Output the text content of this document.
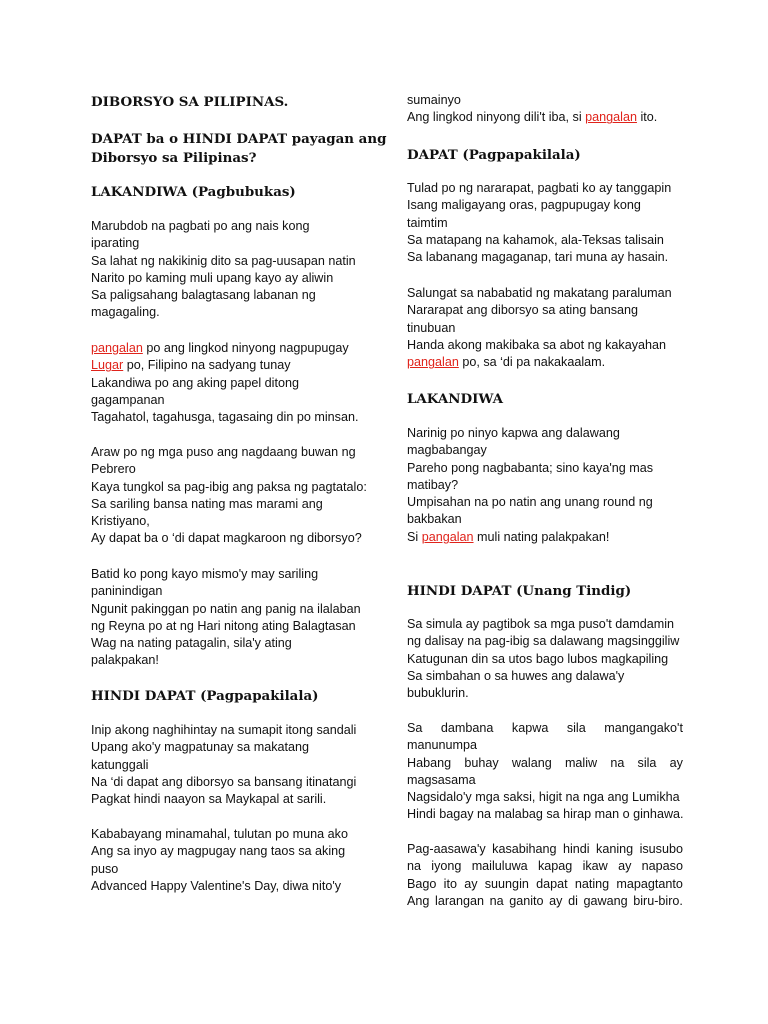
DIBORSYO SA PILIPINAS.
DAPAT ba o HINDI DAPAT payagan ang
Diborsyo sa Pilipinas?
LAKANDIWA (Pagbubukas)
Marubdob na pagbati po ang nais kong
iparating
Sa lahat ng nakikinig dito sa pag-uusapan natin
Narito po kaming muli upang kayo ay aliwin
Sa paligsahang balagtasang labanan ng
magagaling.
pangalan po ang lingkod ninyong nagpupugay
Lugar po, Filipino na sadyang tunay
Lakandiwa po ang aking papel ditong
gagampanan
Tagahatol, tagahusga, tagasaing din po minsan.
Araw po ng mga puso ang nagdaang buwan ng
Pebrero
Kaya tungkol sa pag-ibig ang paksa ng pagtatalo:
Sa sariling bansa nating mas marami ang
Kristiyano,
Ay dapat ba o ‘di dapat magkaroon ng diborsyo?
Batid ko pong kayo mismo'y may sariling
paninindigan
Ngunit pakinggan po natin ang panig na ilalaban
ng Reyna po at ng Hari nitong ating Balagtasan
Wag na nating patagalin, sila'y ating
palakpakan!
HINDI DAPAT (Pagpapakilala)
Inip akong naghihintay na sumapit itong sandali
Upang ako'y magpatunay sa makatang
katunggali
Na ‘di dapat ang diborsyo sa bansang itinatangi
Pagkat hindi naayon sa Maykapal at sarili.
Kababayang minamahal, tulutan po muna ako
Ang sa inyo ay magpugay nang taos sa aking
puso
Advanced Happy Valentine's Day, diwa nito'y
sumainyo
Ang lingkod ninyong dili't iba, si pangalan ito.
DAPAT (Pagpapakilala)
Tulad po ng nararapat, pagbati ko ay tanggapin
Isang maligayang oras, pagpupugay kong
taimtim
Sa matapang na kahamok, ala-Teksas talisain
Sa labanang magaganap, tari muna ay hasain.
Salungat sa nababatid ng makatang paraluman
Nararapat ang diborsyo sa ating bansang
tinubuan
Handa akong makibaka sa abot ng kakayahan
pangalan po, sa ‘di pa nakakaalam.
LAKANDIWA
Narinig po ninyo kapwa ang dalawang
magbabangay
Pareho pong nagbabanta; sino kaya'ng mas
matibay?
Umpisahan na po natin ang unang round ng
bakbakan
Si pangalan muli nating palakpakan!
HINDI DAPAT (Unang Tindig)
Sa simula ay pagtibok sa mga puso't damdamin
ng dalisay na pag-ibig sa dalawang magsinggiliw
Katugunan din sa utos bago lubos magkapiling
Sa simbahan o sa huwes ang dalawa'y
bubuklurin.
Sa dambana kapwa sila mangangako't
manunumpa
Habang buhay walang maliw na sila ay
magsasama
Nagsidalo'y mga saksi, higit na nga ang Lumikha
Hindi bagay na malabag sa hirap man o ginhawa.
Pag-aasawa'y kasabihang hindi kaning isusubo
na iyong mailuluwa kapag ikaw ay napaso
Bago ito ay suungin dapat nating mapagtanto
Ang larangan na ganito ay di gawang biru-biro.
